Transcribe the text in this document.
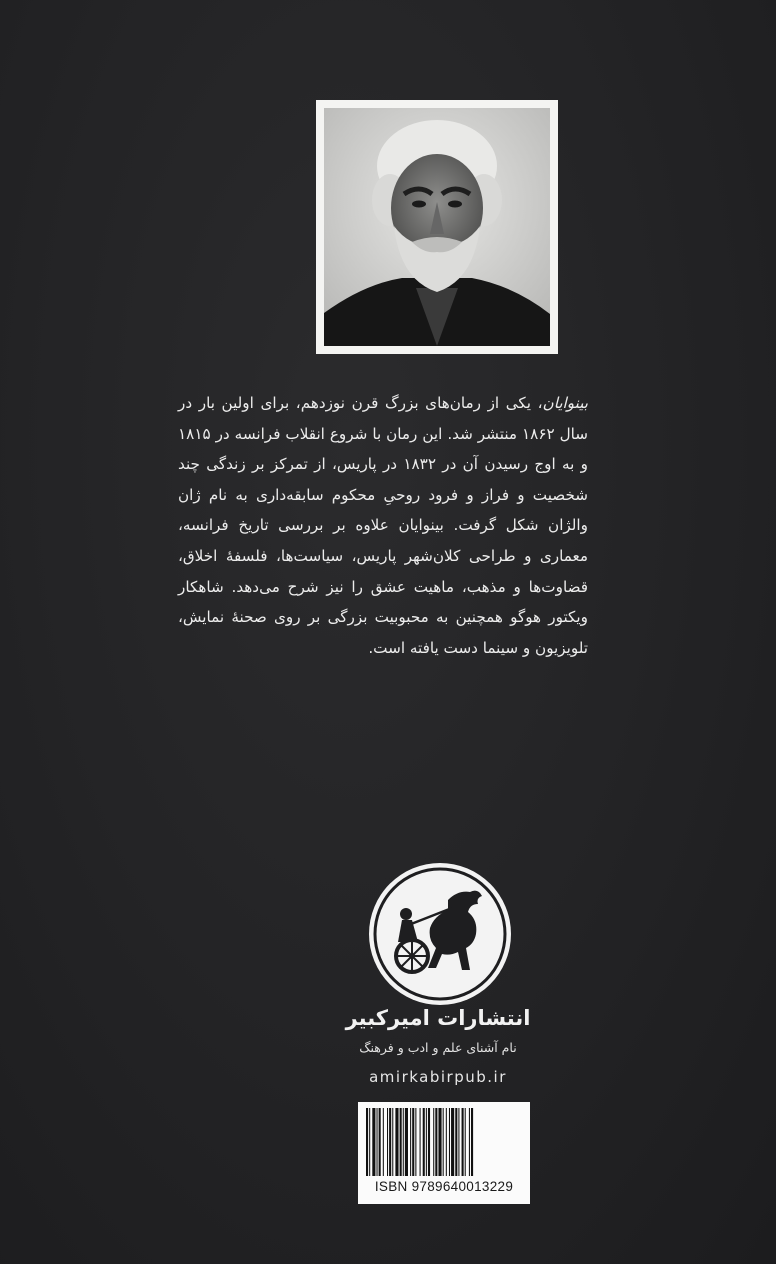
بینوایان، یکی از رمان‌های بزرگ قرن نوزدهم، برای اولین بار در سال ۱۸۶۲ منتشر شد. این رمان با شروع انقلاب فرانسه در ۱۸۱۵ و به اوج رسیدن آن در ۱۸۳۲ در پاریس، از تمرکز بر زندگی چند شخصیت و فراز و فرود روحیِ محکوم سابقه‌داری به نام ژان والژان شکل گرفت. بینوایان علاوه بر بررسی تاریخ فرانسه، معماری و طراحی کلان‌شهر پاریس، سیاست‌ها، فلسفهٔ اخلاق، قضاوت‌ها و مذهب، ماهیت عشق را نیز شرح می‌دهد. شاهکار ویکتور هوگو همچنین به محبوبیت بزرگی بر روی صحنهٔ نمایش، تلویزیون و سینما دست یافته است.

انتشارات امیرکبیر

نام آشنای علم و ادب و فرهنگ

amirkabirpub.ir

ISBN 9789640013229
